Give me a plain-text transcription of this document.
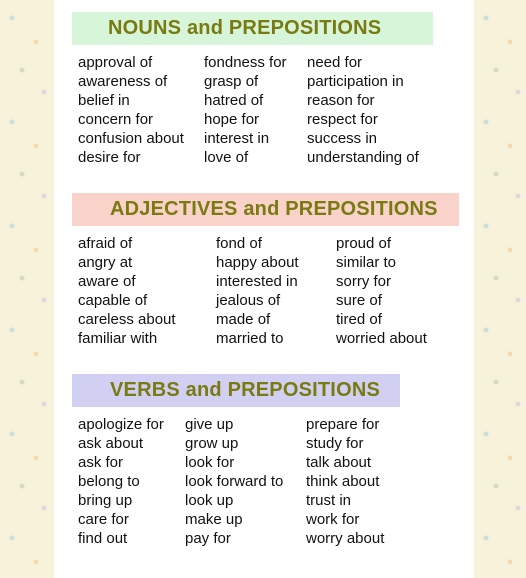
NOUNS and PREPOSITIONS
approval of
awareness of
belief in
concern for
confusion about
desire for
fondness for
grasp of
hatred of
hope for
interest in
love of
need for
participation in
reason for
respect for
success in
understanding of
ADJECTIVES and PREPOSITIONS
afraid of
angry at
aware of
capable of
careless about
familiar with
fond of
happy about
interested in
jealous of
made of
married to
proud of
similar to
sorry for
sure of
tired of
worried about
VERBS and PREPOSITIONS
apologize for
ask about
ask for
belong to
bring up
care for
find out
give up
grow up
look for
look forward to
look up
make up
pay for
prepare for
study for
talk about
think about
trust in
work for
worry about
